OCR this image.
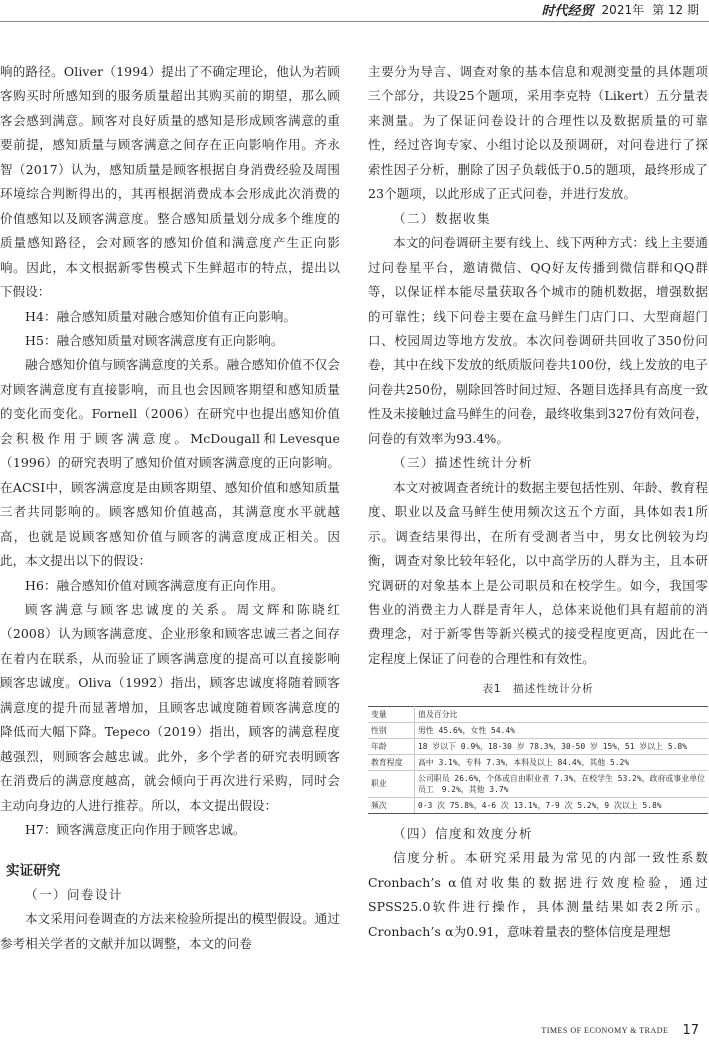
时代经贸 2021年 第 12 期

响的路径。Oliver（1994）提出了不确定理论，他认为若顾客购买时所感知到的服务质量超出其购买前的期望，那么顾客会感到满意。顾客对良好质量的感知是形成顾客满意的重要前提，感知质量与顾客满意之间存在正向影响作用。齐永智（2017）认为，感知质量是顾客根据自身消费经验及周围环境综合判断得出的，其再根据消费成本会形成此次消费的价值感知以及顾客满意度。整合感知质量划分成多个维度的质量感知路径，会对顾客的感知价值和满意度产生正向影响。因此，本文根据新零售模式下生鲜超市的特点，提出以下假设：

H4：融合感知质量对融合感知价值有正向影响。

H5：融合感知质量对顾客满意度有正向影响。

融合感知价值与顾客满意度的关系。融合感知价值不仅会对顾客满意度有直接影响，而且也会因顾客期望和感知质量的变化而变化。Fornell（2006）在研究中也提出感知价值会积极作用于顾客满意度。McDougall和Levesque（1996）的研究表明了感知价值对顾客满意度的正向影响。在ACSI中，顾客满意度是由顾客期望、感知价值和感知质量三者共同影响的。顾客感知价值越高，其满意度水平就越高，也就是说顾客感知价值与顾客的满意度成正相关。因此，本文提出以下的假设：

H6：融合感知价值对顾客满意度有正向作用。

顾客满意与顾客忠诚度的关系。周文辉和陈晓红（2008）认为顾客满意度、企业形象和顾客忠诚三者之间存在着内在联系，从而验证了顾客满意度的提高可以直接影响顾客忠诚度。Oliva（1992）指出，顾客忠诚度将随着顾客满意度的提升而显著增加，且顾客忠诚度随着顾客满意度的降低而大幅下降。Tepeco（2019）指出，顾客的满意程度越强烈，则顾客会越忠诚。此外，多个学者的研究表明顾客在消费后的满意度越高，就会倾向于再次进行采购，同时会主动向身边的人进行推荐。所以，本文提出假设：

H7：顾客满意度正向作用于顾客忠诚。

实证研究

（一）问卷设计

本文采用问卷调查的方法来检验所提出的模型假设。通过参考相关学者的文献并加以调整，本文的问卷

主要分为导言、调查对象的基本信息和观测变量的具体题项三个部分，共设25个题项，采用李克特（Likert）五分量表来测量。为了保证问卷设计的合理性以及数据质量的可靠性，经过咨询专家、小组讨论以及预调研，对问卷进行了探索性因子分析，删除了因子负载低于0.5的题项，最终形成了23个题项，以此形成了正式问卷，并进行发放。

（二）数据收集

本文的问卷调研主要有线上、线下两种方式：线上主要通过问卷星平台，邀请微信、QQ好友传播到微信群和QQ群等，以保证样本能尽量获取各个城市的随机数据，增强数据的可靠性；线下问卷主要在盒马鲜生门店门口、大型商超门口、校园周边等地方发放。本次问卷调研共回收了350份问卷，其中在线下发放的纸质版问卷共100份，线上发放的电子问卷共250份，剔除回答时间过短、各题目选择具有高度一致性及未接触过盒马鲜生的问卷，最终收集到327份有效问卷，问卷的有效率为93.4%。

（三）描述性统计分析

本文对被调查者统计的数据主要包括性别、年龄、教育程度、职业以及盒马鲜生使用频次这五个方面，具体如表1所示。调查结果得出，在所有受测者当中，男女比例较为均衡，调查对象比较年轻化，以中高学历的人群为主，且本研究调研的对象基本上是公司职员和在校学生。如今，我国零售业的消费主力人群是青年人，总体来说他们具有超前的消费理念，对于新零售等新兴模式的接受程度更高，因此在一定程度上保证了问卷的合理性和有效性。

表1　描述性统计分析
变量	值及百分比
性别	男性 45.6%，女性 54.4%
年龄	18 岁以下 0.9%，18-30 岁 78.3%，30-50 岁 15%，51 岁以上 5.8%
教育程度	高中 3.1%，专科 7.3%，本科及以上 84.4%，其他 5.2%
职业	公司职员 26.6%，个体或自由职业者 7.3%，在校学生 53.2%，政府或事业单位员工　9.2%，其他 3.7%
频次	0-3 次 75.8%，4-6 次 13.1%，7-9 次 5.2%，9 次以上 5.8%

（四）信度和效度分析

信度分析。本研究采用最为常见的内部一致性系数Cronbach’s α值对收集的数据进行效度检验，通过SPSS25.0软件进行操作，具体测量结果如表2所示。Cronbach’s α为0.91，意味着量表的整体信度是理想

TIMES OF ECONOMY & TRADE 17
